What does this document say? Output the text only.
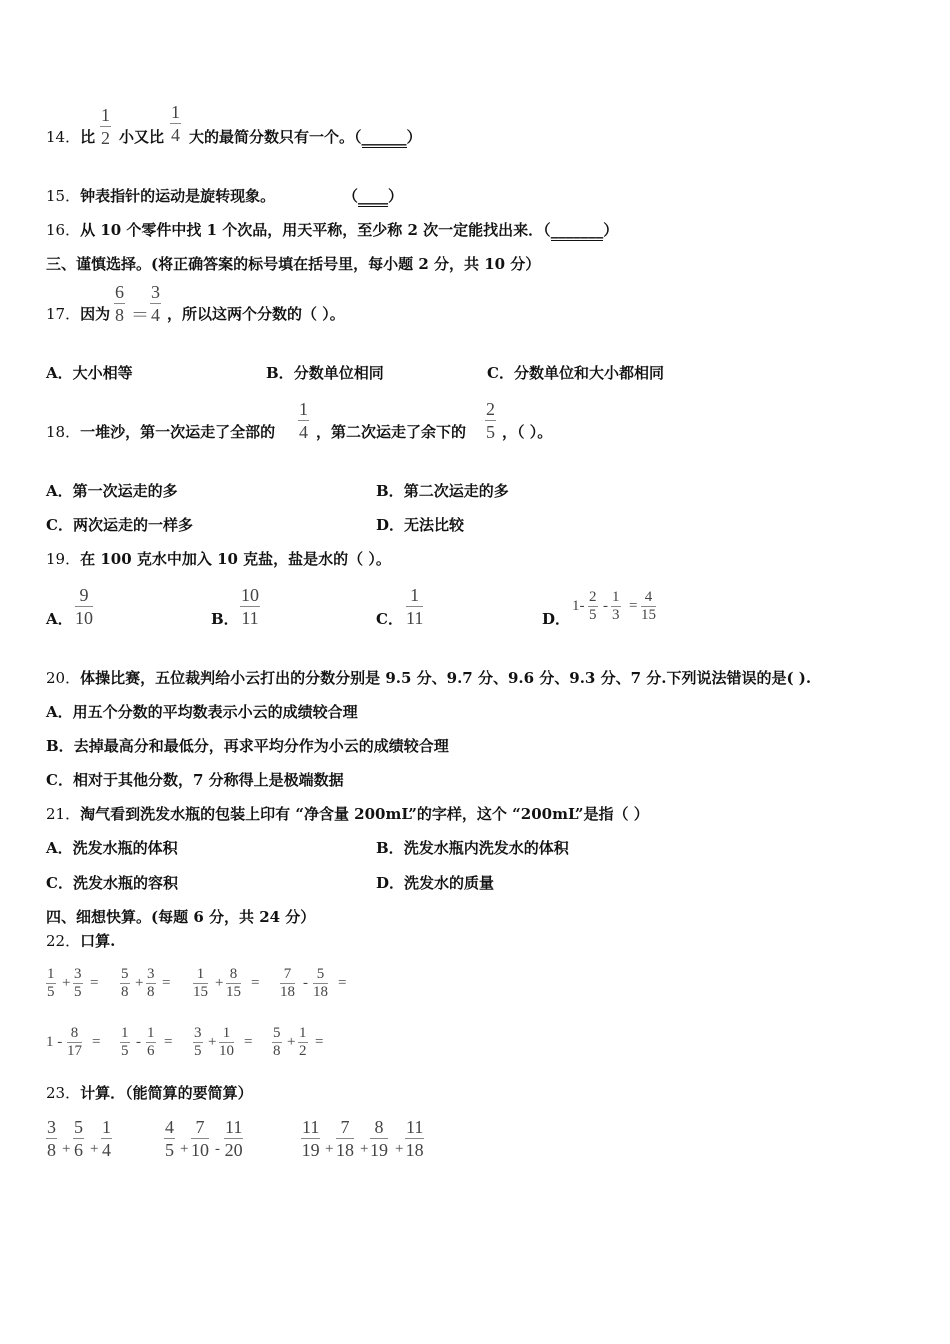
14．比
1
2 小又比
1
4 大的最简分数只有一个。（______）
15．钟表指针的运动是旋转现象。	（____）
16．从 10 个零件中找 1 个次品，用天平称，至少称 2 次一定能找出来．（_______）
三、谨慎选择。(将正确答案的标号填在括号里，每小题 2 分，共 10 分）
17．因为
6
8 ＝
3
4 ，所以这两个分数的（ ）。
A．大小相等	B．分数单位相同	C．分数单位和大小都相同
18．一堆沙，第一次运走了全部的
1
4 ，第二次运走了余下的
2
5 ，（ ）。
A．第一次运走的多	B．第二次运走的多
C．两次运走的一样多	D．无法比较
19．在 100 克水中加入 10 克盐，盐是水的（ ）。
A．
9
10	B．
10
11	C．
1
11	D．
1-
2
5
-
1
3
=
4
15
20．体操比赛，五位裁判给小云打出的分数分别是 9.5 分、9.7 分、9.6 分、9.3 分、7 分.下列说法错误的是( ).
A．用五个分数的平均数表示小云的成绩较合理
B．去掉最高分和最低分，再求平均分作为小云的成绩较合理
C．相对于其他分数，7 分称得上是极端数据
21．淘气看到洗发水瓶的包装上印有 “净含量 200mL”的字样，这个 “200mL”是指（ ）
A．洗发水瓶的体积	B．洗发水瓶内洗发水的体积
C．洗发水瓶的容积	D．洗发水的质量
四、细想快算。(每题 6 分，共 24 分）
22．口算.
1
5
+
3
5
=
5
8
+
3
8
=
1
15
+
8
15
=
7
18
-
5
18
=
1 -
8
17
=
1
5
-
1
6
=
3
5
+
1
10
=
5
8
+
1
2
=
23．计算．（能简算的要简算）
3
8 +
5
6 +
1
4
4
5 +
7
10 -
11
20
11
19 +
7
18 +
8
19 +
11
18
